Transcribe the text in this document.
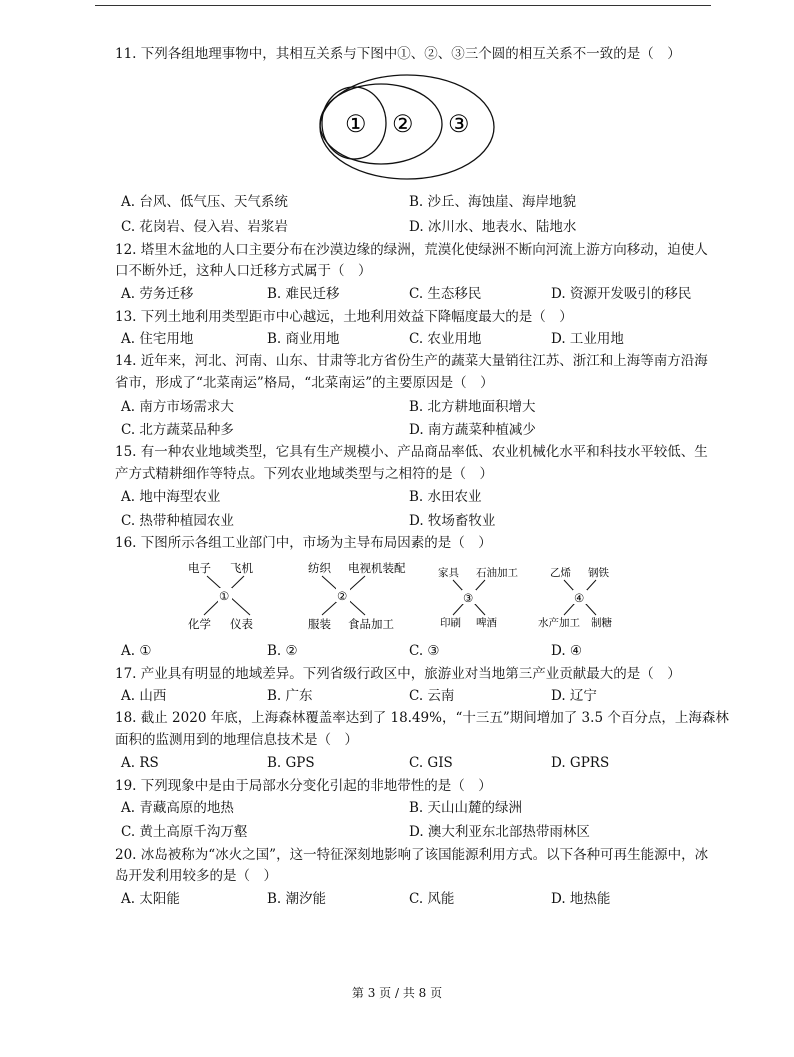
11. 下列各组地理事物中，其相互关系与下图中①、②、③三个圆的相互关系不一致的是（　）
① ② ③
A. 台风、低气压、天气系统	B. 沙丘、海蚀崖、海岸地貌
C. 花岗岩、侵入岩、岩浆岩	D. 冰川水、地表水、陆地水
12. 塔里木盆地的人口主要分布在沙漠边缘的绿洲，荒漠化使绿洲不断向河流上游方向移动，迫使人
口不断外迁，这种人口迁移方式属于（　）
A. 劳务迁移	B. 难民迁移	C. 生态移民	D. 资源开发吸引的移民
13. 下列土地利用类型距市中心越远，土地利用效益下降幅度最大的是（　）
A. 住宅用地	B. 商业用地	C. 农业用地	D. 工业用地
14. 近年来，河北、河南、山东、甘肃等北方省份生产的蔬菜大量销往江苏、浙江和上海等南方沿海
省市，形成了“北菜南运”格局，“北菜南运”的主要原因是（　）
A. 南方市场需求大	B. 北方耕地面积增大
C. 北方蔬菜品种多	D. 南方蔬菜种植减少
15. 有一种农业地域类型，它具有生产规模小、产品商品率低、农业机械化水平和科技水平较低、生
产方式精耕细作等特点。下列农业地域类型与之相符的是（　）
A. 地中海型农业	B. 水田农业
C. 热带种植园农业	D. 牧场畜牧业
16. 下图所示各组工业部门中，市场为主导布局因素的是（　）
电子 飞机
①
化学 仪表
纺织 电视机装配
②
服装 食品加工
家具 石油加工
③
印刷 啤酒
乙烯 钢铁
④
水产加工 制糖
A. ①	B. ②	C. ③	D. ④
17. 产业具有明显的地域差异。下列省级行政区中，旅游业对当地第三产业贡献最大的是（　）
A. 山西	B. 广东	C. 云南	D. 辽宁
18. 截止 2020 年底，上海森林覆盖率达到了 18.49%，“十三五”期间增加了 3.5 个百分点，上海森林
面积的监测用到的地理信息技术是（　）
A. RS	B. GPS	C. GIS	D. GPRS
19. 下列现象中是由于局部水分变化引起的非地带性的是（　）
A. 青藏高原的地热	B. 天山山麓的绿洲
C. 黄土高原千沟万壑	D. 澳大利亚东北部热带雨林区
20. 冰岛被称为“冰火之国”，这一特征深刻地影响了该国能源利用方式。以下各种可再生能源中，冰
岛开发利用较多的是（　）
A. 太阳能	B. 潮汐能	C. 风能	D. 地热能
第 3 页 / 共 8 页
